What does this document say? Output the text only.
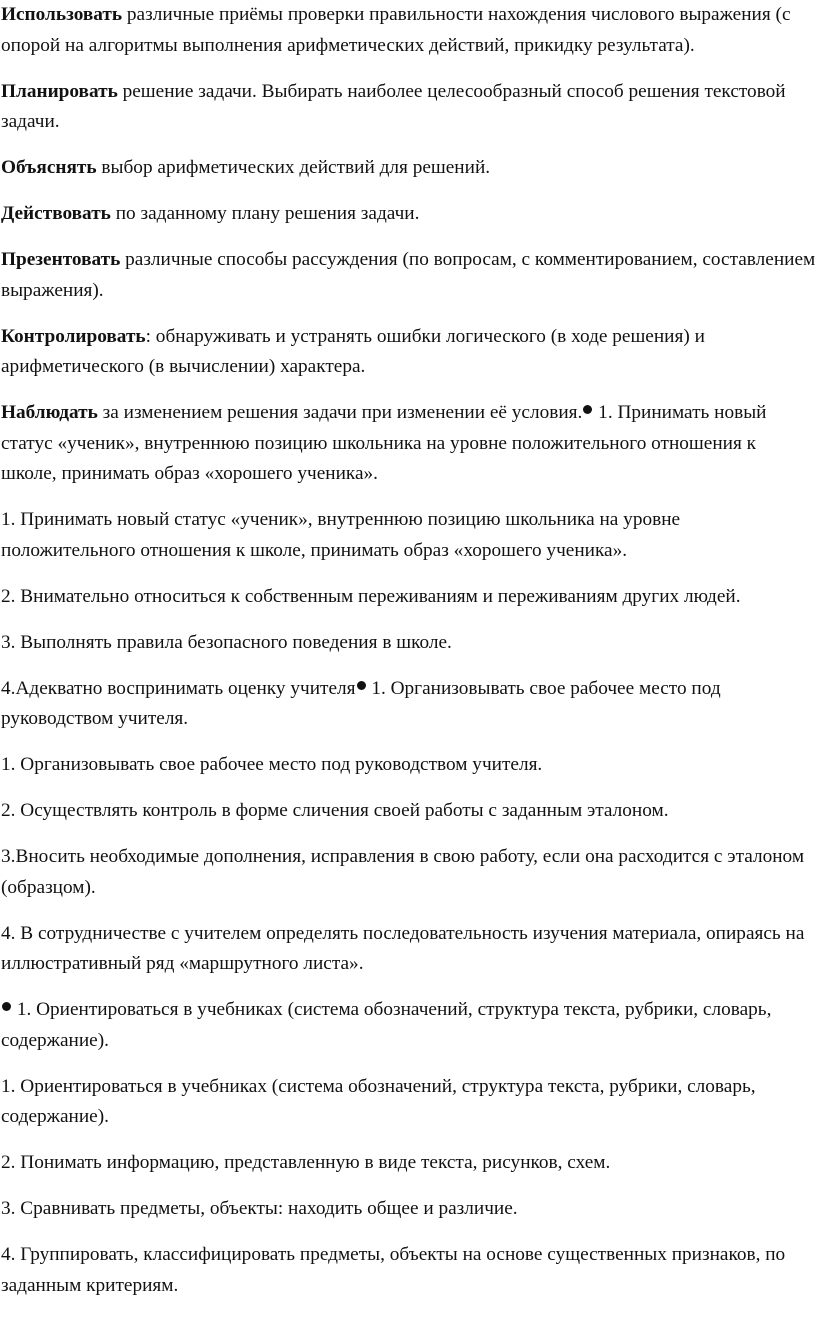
Использовать различные приёмы проверки правильности нахождения числового выражения (с опорой на алгоритмы выполнения арифметических действий, прикидку результата).

Планировать решение задачи. Выбирать наиболее целесообразный способ решения текстовой задачи.

Объяснять выбор арифметических действий для решений.

Действовать по заданному плану решения задачи.

Презентовать различные способы рассуждения (по вопросам, с комментированием, составлением выражения).

Контролировать: обнаруживать и устранять ошибки логического (в ходе решения) и арифметического (в вычислении) характера.

Наблюдать за изменением решения задачи при изменении её условия. 1. Принимать новый статус «ученик», внутреннюю позицию школьника на уровне положительного отношения к школе, принимать образ «хорошего ученика».

1. Принимать новый статус «ученик», внутреннюю позицию школьника на уровне положительного отношения к школе, принимать образ «хорошего ученика».

2. Внимательно относиться к собственным переживаниям и переживаниям других людей.

3. Выполнять правила безопасного поведения в школе.

4.Адекватно воспринимать оценку учителя 1. Организовывать свое рабочее место под руководством учителя.

1. Организовывать свое рабочее место под руководством учителя.

2. Осуществлять контроль в форме сличения своей работы с заданным эталоном.

3.Вносить необходимые дополнения, исправления в свою работу, если она расходится с эталоном (образцом).

4. В сотрудничестве с учителем определять последовательность изучения материала, опираясь на иллюстративный ряд «маршрутного листа».

1. Ориентироваться в учебниках (система обозначений, структура текста, рубрики, словарь, содержание).

1. Ориентироваться в учебниках (система обозначений, структура текста, рубрики, словарь, содержание).

2. Понимать информацию, представленную в виде текста, рисунков, схем.

3. Сравнивать предметы, объекты: находить общее и различие.

4. Группировать, классифицировать предметы, объекты на основе существенных признаков, по заданным критериям.
